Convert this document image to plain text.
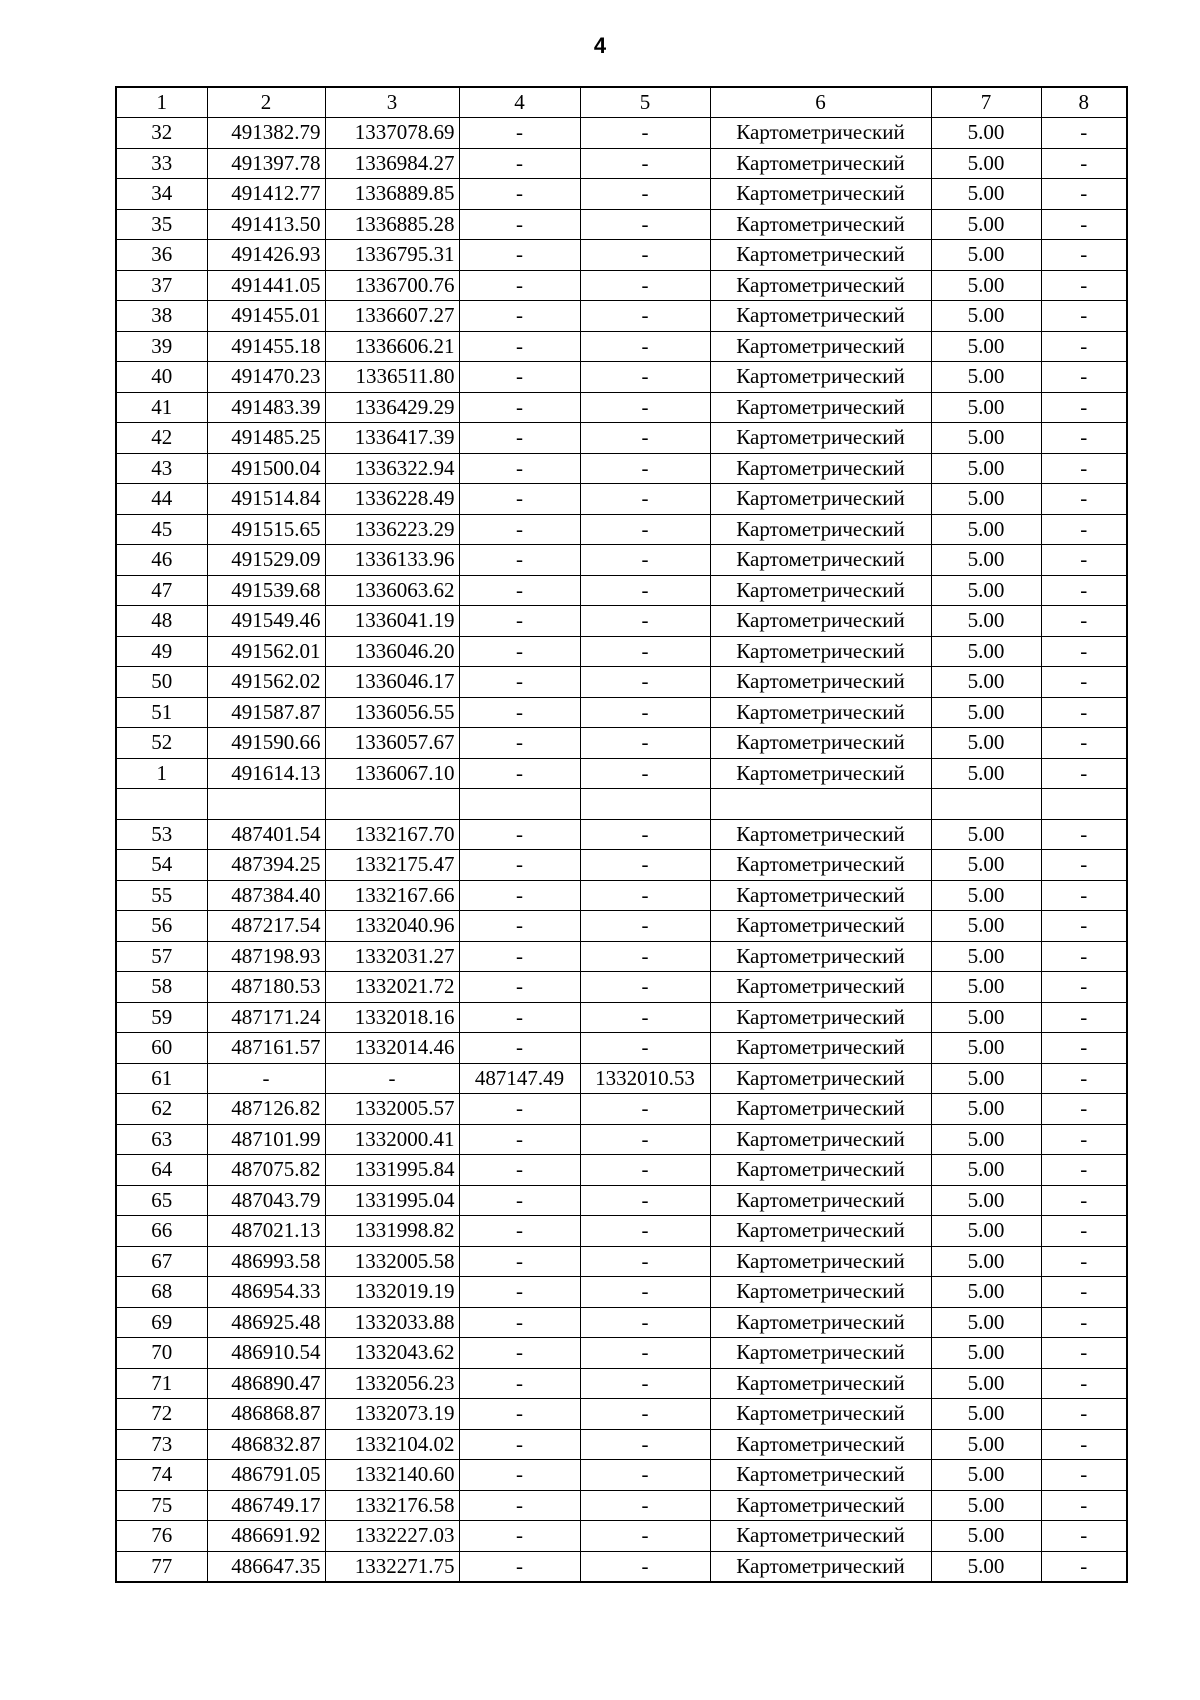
4
1	2	3	4	5	6	7	8
32	491382.79	1337078.69	-	-	Картометрический	5.00	-
33	491397.78	1336984.27	-	-	Картометрический	5.00	-
34	491412.77	1336889.85	-	-	Картометрический	5.00	-
35	491413.50	1336885.28	-	-	Картометрический	5.00	-
36	491426.93	1336795.31	-	-	Картометрический	5.00	-
37	491441.05	1336700.76	-	-	Картометрический	5.00	-
38	491455.01	1336607.27	-	-	Картометрический	5.00	-
39	491455.18	1336606.21	-	-	Картометрический	5.00	-
40	491470.23	1336511.80	-	-	Картометрический	5.00	-
41	491483.39	1336429.29	-	-	Картометрический	5.00	-
42	491485.25	1336417.39	-	-	Картометрический	5.00	-
43	491500.04	1336322.94	-	-	Картометрический	5.00	-
44	491514.84	1336228.49	-	-	Картометрический	5.00	-
45	491515.65	1336223.29	-	-	Картометрический	5.00	-
46	491529.09	1336133.96	-	-	Картометрический	5.00	-
47	491539.68	1336063.62	-	-	Картометрический	5.00	-
48	491549.46	1336041.19	-	-	Картометрический	5.00	-
49	491562.01	1336046.20	-	-	Картометрический	5.00	-
50	491562.02	1336046.17	-	-	Картометрический	5.00	-
51	491587.87	1336056.55	-	-	Картометрический	5.00	-
52	491590.66	1336057.67	-	-	Картометрический	5.00	-
1	491614.13	1336067.10	-	-	Картометрический	5.00	-

53	487401.54	1332167.70	-	-	Картометрический	5.00	-
54	487394.25	1332175.47	-	-	Картометрический	5.00	-
55	487384.40	1332167.66	-	-	Картометрический	5.00	-
56	487217.54	1332040.96	-	-	Картометрический	5.00	-
57	487198.93	1332031.27	-	-	Картометрический	5.00	-
58	487180.53	1332021.72	-	-	Картометрический	5.00	-
59	487171.24	1332018.16	-	-	Картометрический	5.00	-
60	487161.57	1332014.46	-	-	Картометрический	5.00	-
61	-	-	487147.49	1332010.53	Картометрический	5.00	-
62	487126.82	1332005.57	-	-	Картометрический	5.00	-
63	487101.99	1332000.41	-	-	Картометрический	5.00	-
64	487075.82	1331995.84	-	-	Картометрический	5.00	-
65	487043.79	1331995.04	-	-	Картометрический	5.00	-
66	487021.13	1331998.82	-	-	Картометрический	5.00	-
67	486993.58	1332005.58	-	-	Картометрический	5.00	-
68	486954.33	1332019.19	-	-	Картометрический	5.00	-
69	486925.48	1332033.88	-	-	Картометрический	5.00	-
70	486910.54	1332043.62	-	-	Картометрический	5.00	-
71	486890.47	1332056.23	-	-	Картометрический	5.00	-
72	486868.87	1332073.19	-	-	Картометрический	5.00	-
73	486832.87	1332104.02	-	-	Картометрический	5.00	-
74	486791.05	1332140.60	-	-	Картометрический	5.00	-
75	486749.17	1332176.58	-	-	Картометрический	5.00	-
76	486691.92	1332227.03	-	-	Картометрический	5.00	-
77	486647.35	1332271.75	-	-	Картометрический	5.00	-
